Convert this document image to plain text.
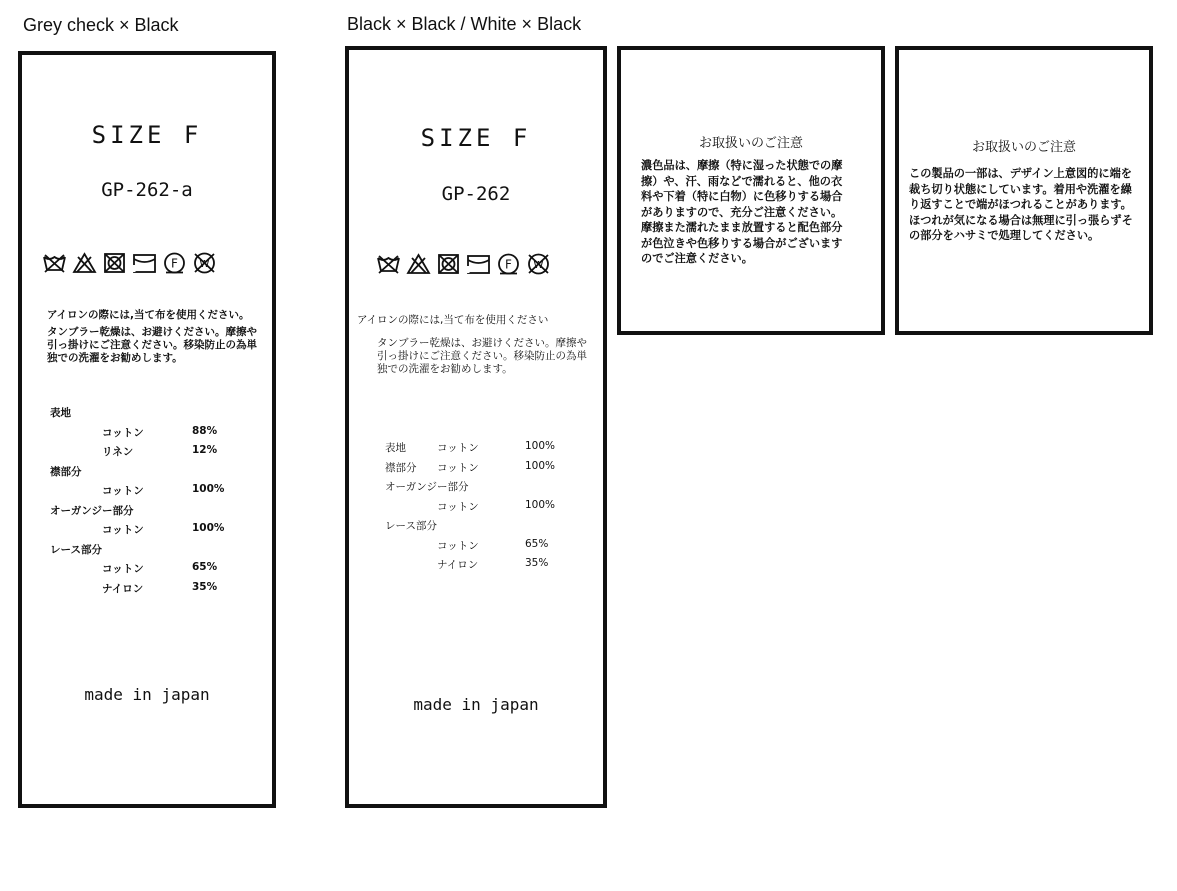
Grey check × Black	Black × Black / White × Black
SIZE F
GP-262-a
F W

アイロンの際には,当て布を使用ください。

タンブラー乾燥は、お避けください。摩擦や引っ掛けにご注意ください。移染防止の為単独での洗濯をお勧めします。

表地
コットン	88%
リネン	12%
襟部分
コットン	100%
オーガンジー部分
コットン	100%
レース部分
コットン	65%
ナイロン	35%
made in japan
SIZE F
GP-262
F W

アイロンの際には,当て布を使用ください

タンブラー乾燥は、お避けください。摩擦や引っ掛けにご注意ください。移染防止の為単独での洗濯をお勧めします。

表地	コットン	100%
襟部分 コットン	100%
オーガンジー部分
コットン	100%
レース部分
コットン	65%
ナイロン	35%
made in japan
お取扱いのご注意
濃色品は、摩擦（特に湿った状態での摩擦）や、汗、雨などで濡れると、他の衣料や下着（特に白物）に色移りする場合がありますので、充分ご注意ください。摩擦また濡れたまま放置すると配色部分が色泣きや色移りする場合がございますのでご注意ください。
お取扱いのご注意
この製品の一部は、デザイン上意図的に端を裁ち切り状態にしています。着用や洗濯を繰り返すことで端がほつれることがあります。ほつれが気になる場合は無理に引っ張らずその部分をハサミで処理してください。
